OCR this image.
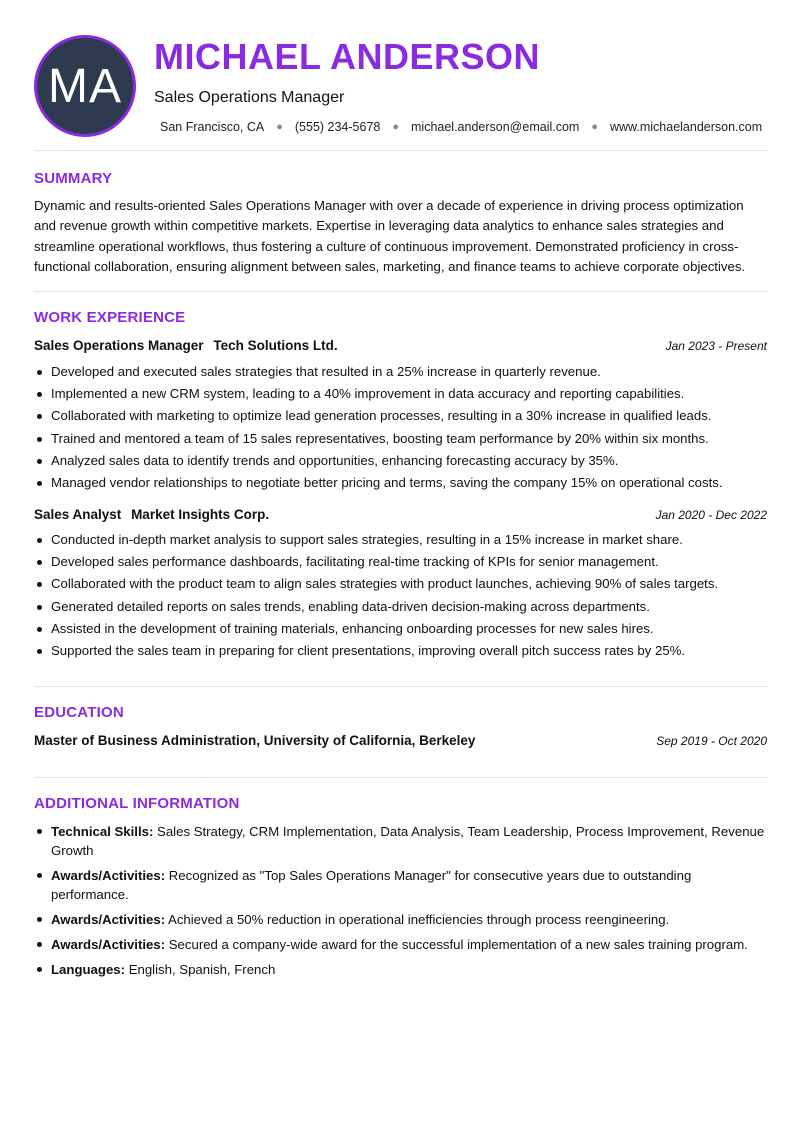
MA
MICHAEL ANDERSON
Sales Operations Manager
San Francisco, CA ● (555) 234-5678 ● michael.anderson@email.com ● www.michaelanderson.com
SUMMARY
Dynamic and results-oriented Sales Operations Manager with over a decade of experience in driving process optimization and revenue growth within competitive markets. Expertise in leveraging data analytics to enhance sales strategies and streamline operational workflows, thus fostering a culture of continuous improvement. Demonstrated proficiency in cross-functional collaboration, ensuring alignment between sales, marketing, and finance teams to achieve corporate objectives.
WORK EXPERIENCE
Sales Operations Manager Tech Solutions Ltd.	Jan 2023 - Present
Developed and executed sales strategies that resulted in a 25% increase in quarterly revenue.
Implemented a new CRM system, leading to a 40% improvement in data accuracy and reporting capabilities.
Collaborated with marketing to optimize lead generation processes, resulting in a 30% increase in qualified leads.
Trained and mentored a team of 15 sales representatives, boosting team performance by 20% within six months.
Analyzed sales data to identify trends and opportunities, enhancing forecasting accuracy by 35%.
Managed vendor relationships to negotiate better pricing and terms, saving the company 15% on operational costs.
Sales Analyst Market Insights Corp.	Jan 2020 - Dec 2022
Conducted in-depth market analysis to support sales strategies, resulting in a 15% increase in market share.
Developed sales performance dashboards, facilitating real-time tracking of KPIs for senior management.
Collaborated with the product team to align sales strategies with product launches, achieving 90% of sales targets.
Generated detailed reports on sales trends, enabling data-driven decision-making across departments.
Assisted in the development of training materials, enhancing onboarding processes for new sales hires.
Supported the sales team in preparing for client presentations, improving overall pitch success rates by 25%.
EDUCATION
Master of Business Administration, University of California, Berkeley	Sep 2019 - Oct 2020
ADDITIONAL INFORMATION
Technical Skills: Sales Strategy, CRM Implementation, Data Analysis, Team Leadership, Process Improvement, Revenue Growth
Awards/Activities: Recognized as "Top Sales Operations Manager" for consecutive years due to outstanding performance.
Awards/Activities: Achieved a 50% reduction in operational inefficiencies through process reengineering.
Awards/Activities: Secured a company-wide award for the successful implementation of a new sales training program.
Languages: English, Spanish, French
